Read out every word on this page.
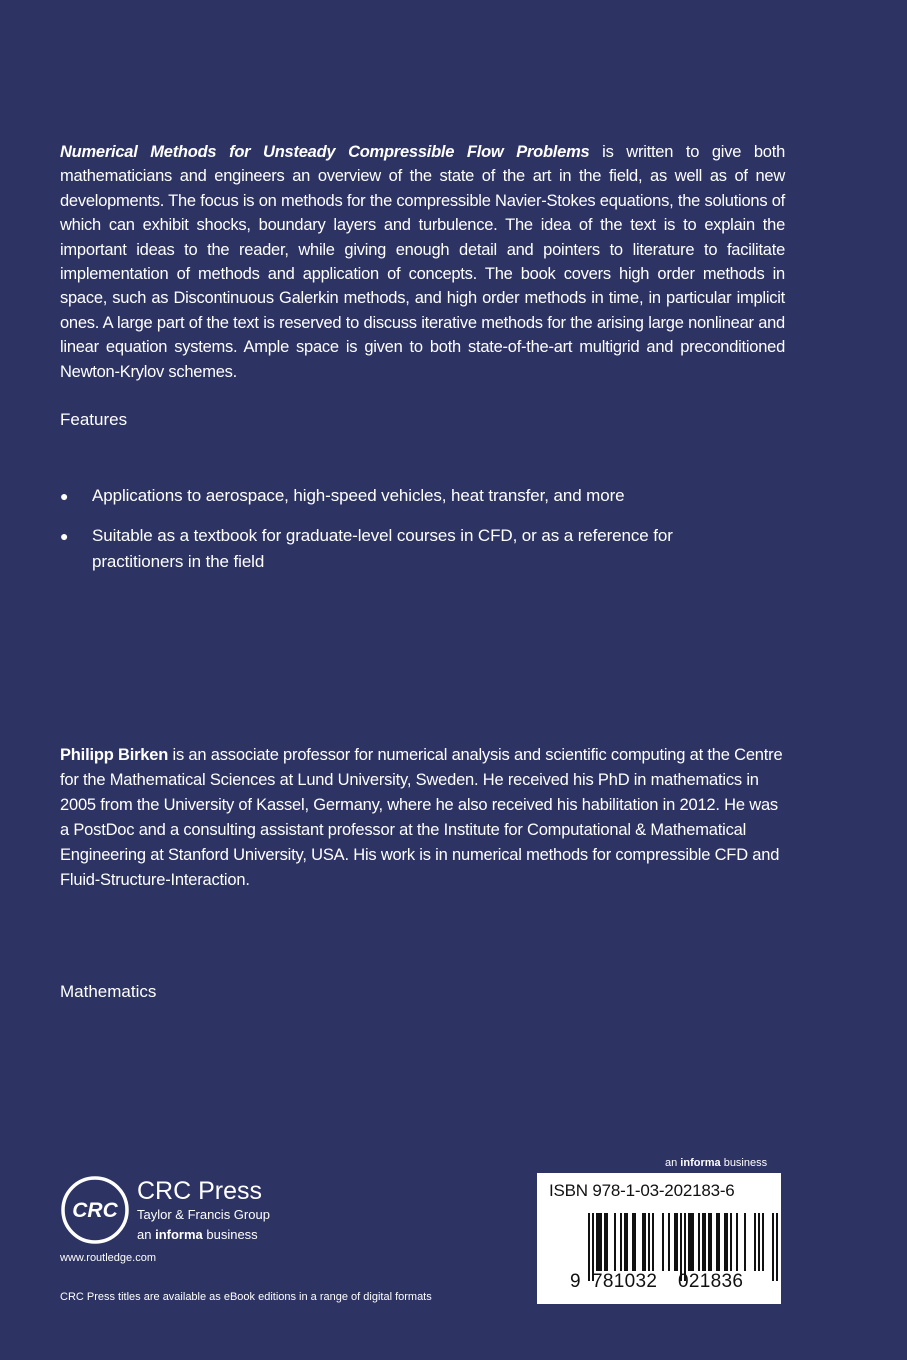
Numerical Methods for Unsteady Compressible Flow Problems is written to give both mathematicians and engineers an overview of the state of the art in the field, as well as of new developments. The focus is on methods for the compressible Navier-Stokes equations, the solutions of which can exhibit shocks, boundary layers and turbulence. The idea of the text is to explain the important ideas to the reader, while giving enough detail and pointers to literature to facilitate implementation of methods and application of concepts. The book covers high order methods in space, such as Discontinuous Galerkin methods, and high order methods in time, in particular implicit ones. A large part of the text is reserved to discuss iterative methods for the arising large nonlinear and linear equation systems. Ample space is given to both state-of-the-art multigrid and preconditioned Newton-Krylov schemes.

Features

●	Applications to aerospace, high-speed vehicles, heat transfer, and more
●	Suitable as a textbook for graduate-level courses in CFD, or as a reference for practitioners in the field

Philipp Birken is an associate professor for numerical analysis and scientific computing at the Centre for the Mathematical Sciences at Lund University, Sweden. He received his PhD in mathematics in 2005 from the University of Kassel, Germany, where he also received his habilitation in 2012. He was a PostDoc and a consulting assistant professor at the Institute for Computational & Mathematical Engineering at Stanford University, USA. His work is in numerical methods for compressible CFD and Fluid-Structure-Interaction.

Mathematics

an informa business
CRC
CRC Press
Taylor & Francis Group
an informa business
www.routledge.com
CRC Press titles are available as eBook editions in a range of digital formats
ISBN 978-1-03-202183-6
9 781032 021836
